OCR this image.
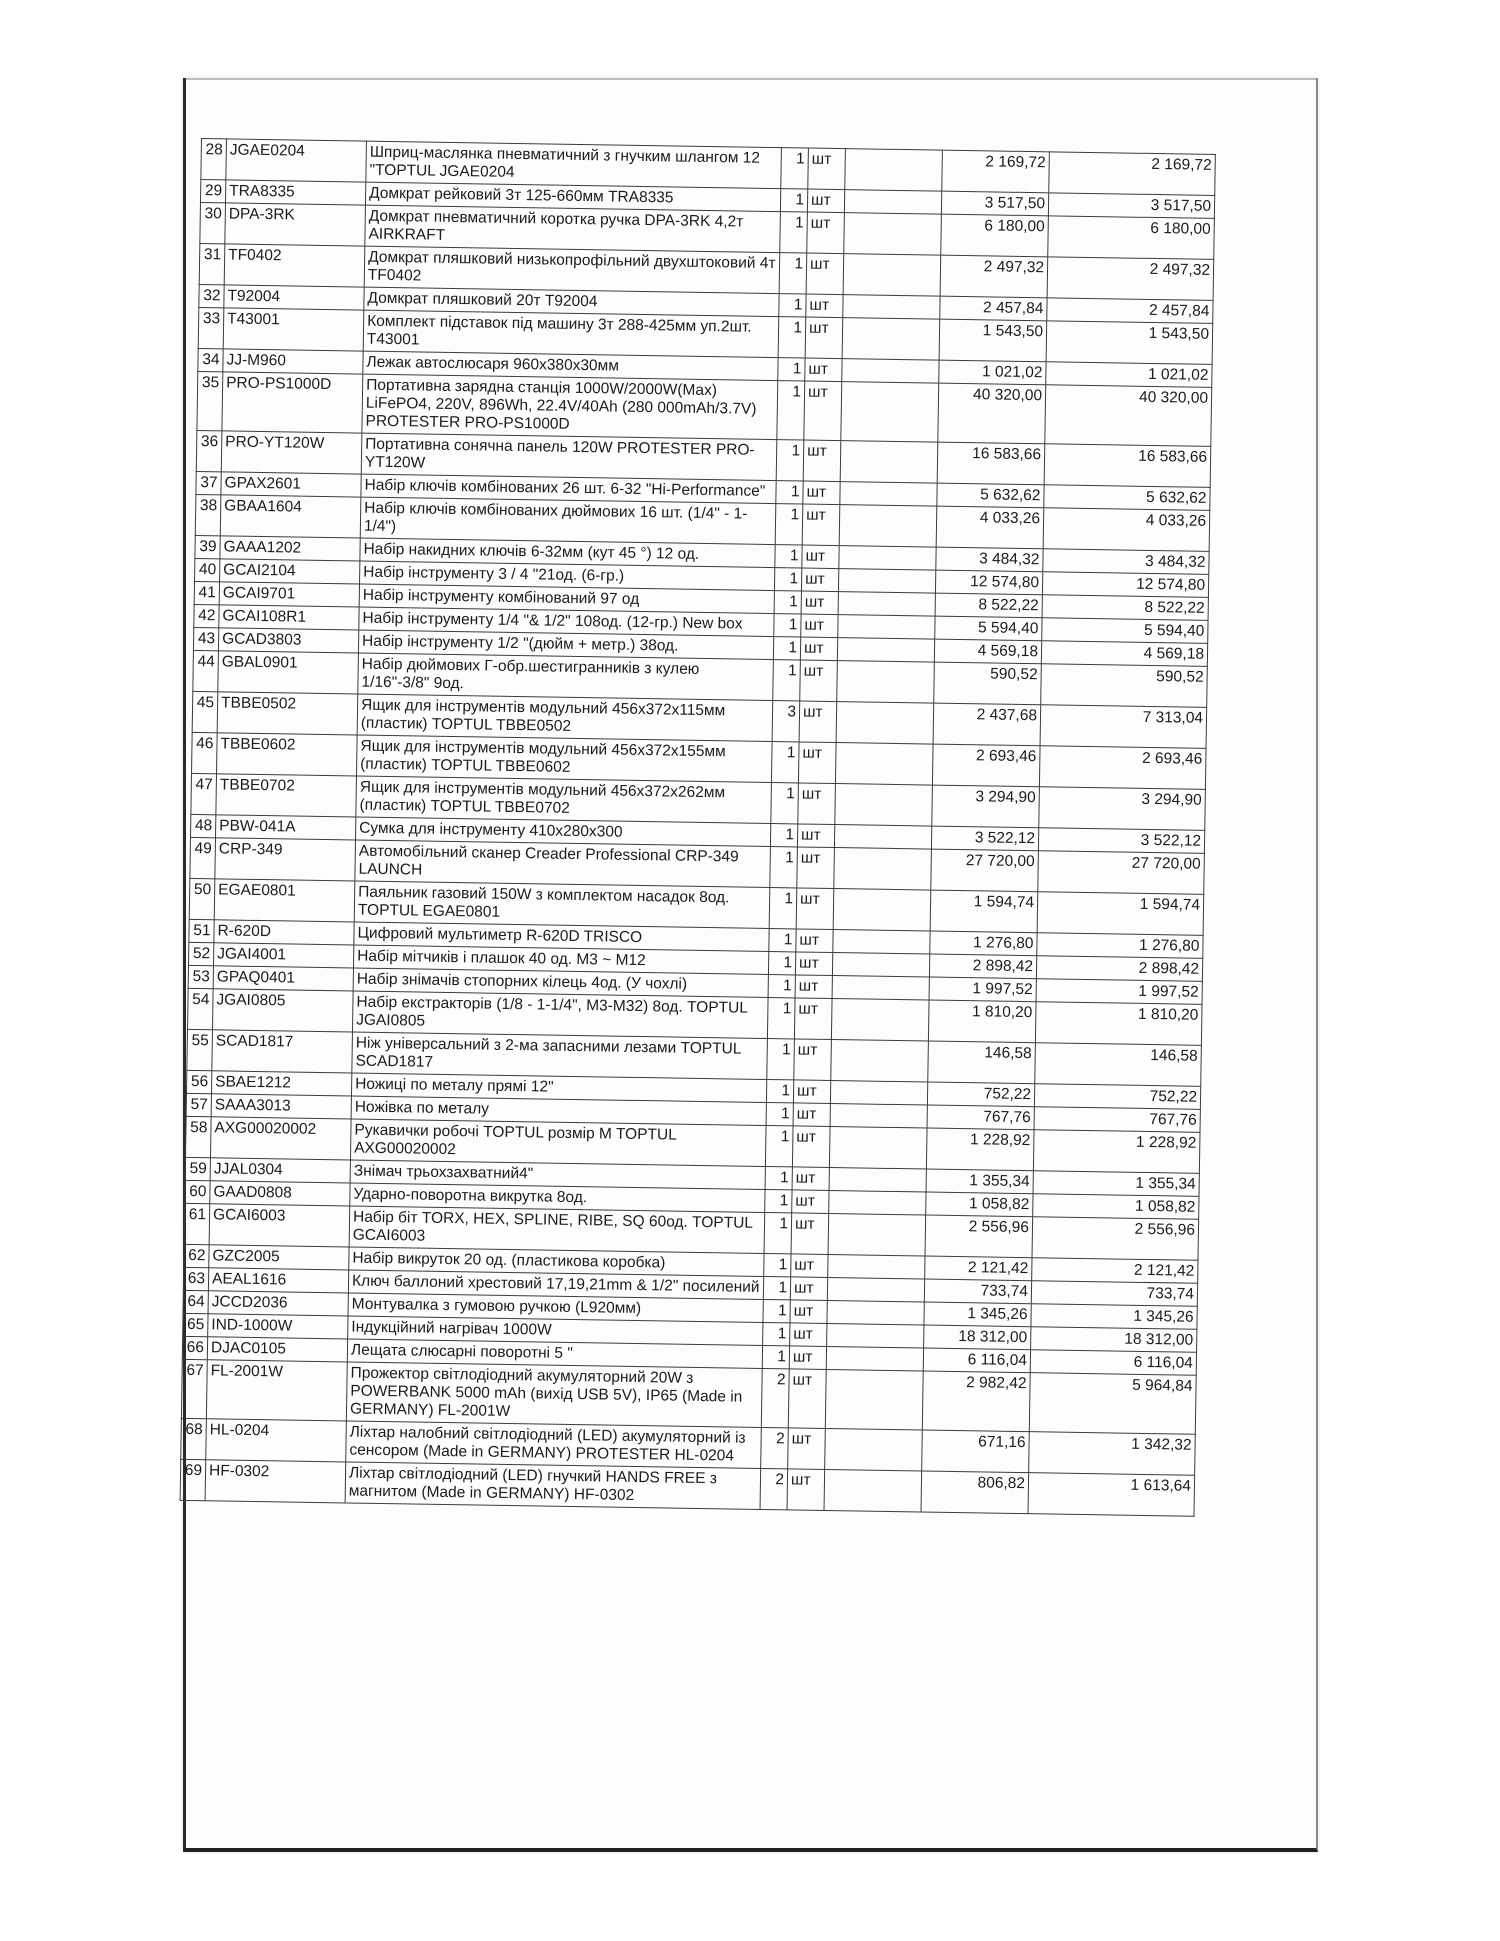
28	JGAE0204	Шприц-маслянка пневматичний з гнучким шлангом 12 "TOPTUL JGAE0204	1	шт		2 169,72	2 169,72
29	TRA8335	Домкрат рейковий 3т 125-660мм TRA8335	1	шт		3 517,50	3 517,50
30	DPA-3RK	Домкрат пневматичний коротка ручка DPA-3RK 4,2т AIRKRAFT	1	шт		6 180,00	6 180,00
31	TF0402	Домкрат пляшковий низькопрофільний двухштоковий 4т TF0402	1	шт		2 497,32	2 497,32
32	T92004	Домкрат пляшковий 20т T92004	1	шт		2 457,84	2 457,84
33	T43001	Комплект підставок під машину 3т 288-425мм уп.2шт. T43001	1	шт		1 543,50	1 543,50
34	JJ-M960	Лежак автослюсаря 960х380х30мм	1	шт		1 021,02	1 021,02
35	PRO-PS1000D	Портативна зарядна станція 1000W/2000W(Max) LiFePO4, 220V, 896Wh, 22.4V/40Ah (280 000mAh/3.7V) PROTESTER PRO-PS1000D	1	шт		40 320,00	40 320,00
36	PRO-YT120W	Портативна сонячна панель 120W PROTESTER PRO-YT120W	1	шт		16 583,66	16 583,66
37	GPAX2601	Набір ключів комбінованих 26 шт. 6-32 "Hi-Performance"	1	шт		5 632,62	5 632,62
38	GBAA1604	Набір ключів комбінованих дюймових 16 шт. (1/4" - 1-1/4")	1	шт		4 033,26	4 033,26
39	GAAA1202	Набір накидних ключів 6-32мм (кут 45 °) 12 од.	1	шт		3 484,32	3 484,32
40	GCAI2104	Набір інструменту 3 / 4 "21од. (6-гр.)	1	шт		12 574,80	12 574,80
41	GCAI9701	Набір інструменту комбінований 97 од	1	шт		8 522,22	8 522,22
42	GCAI108R1	Набір інструменту 1/4 "& 1/2" 108од. (12-гр.) New box	1	шт		5 594,40	5 594,40
43	GCAD3803	Набір інструменту 1/2 "(дюйм + метр.) 38од.	1	шт		4 569,18	4 569,18
44	GBAL0901	Набір дюймових Г-обр.шестигранників з кулею 1/16"-3/8" 9од.	1	шт		590,52	590,52
45	TBBE0502	Ящик для інструментів модульний 456x372x115мм (пластик) TOPTUL TBBE0502	3	шт		2 437,68	7 313,04
46	TBBE0602	Ящик для інструментів модульний 456x372x155мм (пластик) TOPTUL TBBE0602	1	шт		2 693,46	2 693,46
47	TBBE0702	Ящик для інструментів модульний 456x372x262мм (пластик) TOPTUL TBBE0702	1	шт		3 294,90	3 294,90
48	PBW-041A	Сумка для інструменту 410х280х300	1	шт		3 522,12	3 522,12
49	CRP-349	Автомобільний сканер Creader Professional CRP-349 LAUNCH	1	шт		27 720,00	27 720,00
50	EGAE0801	Паяльник газовий 150W з комплектом насадок 8од. TOPTUL EGAE0801	1	шт		1 594,74	1 594,74
51	R-620D	Цифровий мультиметр R-620D TRISCO	1	шт		1 276,80	1 276,80
52	JGAI4001	Набір мітчиків і плашок 40 од. M3 ~ M12	1	шт		2 898,42	2 898,42
53	GPAQ0401	Набір знімачів стопорних кілець 4од. (У чохлі)	1	шт		1 997,52	1 997,52
54	JGAI0805	Набір екстракторів (1/8 - 1-1/4", M3-M32) 8од. TOPTUL JGAI0805	1	шт		1 810,20	1 810,20
55	SCAD1817	Ніж універсальний з 2-ма запасними лезами TOPTUL SCAD1817	1	шт		146,58	146,58
56	SBAE1212	Ножиці по металу прямі 12"	1	шт		752,22	752,22
57	SAAA3013	Ножівка по металу	1	шт		767,76	767,76
58	AXG00020002	Рукавички робочі TOPTUL розмір M TOPTUL AXG00020002	1	шт		1 228,92	1 228,92
59	JJAL0304	Знімач трьохзахватний4"	1	шт		1 355,34	1 355,34
60	GAAD0808	Ударно-поворотна викрутка 8од.	1	шт		1 058,82	1 058,82
61	GCAI6003	Набір біт TORX, HEX, SPLINE, RIBE, SQ 60од. TOPTUL GCAI6003	1	шт		2 556,96	2 556,96
62	GZC2005	Набір викруток 20 од. (пластикова коробка)	1	шт		2 121,42	2 121,42
63	AEAL1616	Ключ баллоний хрестовий 17,19,21mm & 1/2" посилений	1	шт		733,74	733,74
64	JCCD2036	Монтувалка з гумовою ручкою (L920мм)	1	шт		1 345,26	1 345,26
65	IND-1000W	Індукційний нагрівач 1000W	1	шт		18 312,00	18 312,00
66	DJAC0105	Лещата слюсарні поворотні 5 "	1	шт		6 116,04	6 116,04
67	FL-2001W	Прожектор світлодіодний акумуляторний 20W з POWERBANK 5000 mAh (вихід USB 5V), IP65 (Made in GERMANY) FL-2001W	2	шт		2 982,42	5 964,84
68	HL-0204	Ліхтар налобний світлодіодний (LED) акумуляторний із сенсором (Made in GERMANY) PROTESTER HL-0204	2	шт		671,16	1 342,32
69	HF-0302	Ліхтар світлодіодний (LED) гнучкий HANDS FREE з магнитом (Made in GERMANY) HF-0302	2	шт		806,82	1 613,64
